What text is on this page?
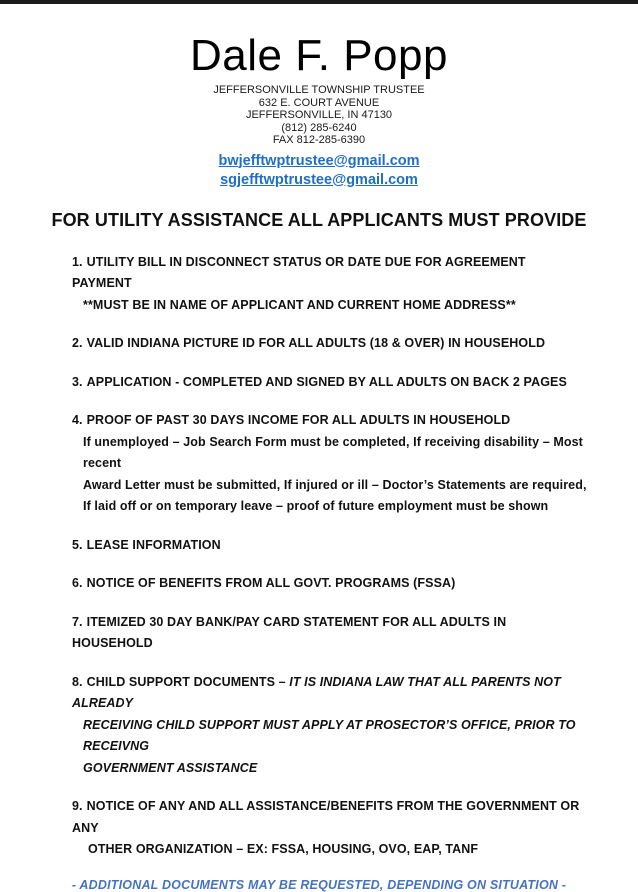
Dale F. Popp
JEFFERSONVILLE TOWNSHIP TRUSTEE
632 E. COURT AVENUE
JEFFERSONVILLE, IN 47130
(812) 285-6240
FAX 812-285-6390
bwjefftwptrustee@gmail.com
sgjefftwptrustee@gmail.com
FOR UTILITY ASSISTANCE ALL APPLICANTS MUST PROVIDE
1. UTILITY BILL IN DISCONNECT STATUS OR DATE DUE FOR AGREEMENT PAYMENT
**MUST BE IN NAME OF APPLICANT AND CURRENT HOME ADDRESS**
2. VALID INDIANA PICTURE ID FOR ALL ADULTS (18 & OVER) IN HOUSEHOLD
3. APPLICATION - COMPLETED AND SIGNED BY ALL ADULTS ON BACK 2 PAGES
4. PROOF OF PAST 30 DAYS INCOME FOR ALL ADULTS IN HOUSEHOLD
If unemployed – Job Search Form must be completed, If receiving disability – Most recent
Award Letter must be submitted, If injured or ill – Doctor’s Statements are required,
If laid off or on temporary leave – proof of future employment must be shown
5. LEASE INFORMATION
6. NOTICE OF BENEFITS FROM ALL GOVT. PROGRAMS (FSSA)
7. ITEMIZED 30 DAY BANK/PAY CARD STATEMENT FOR ALL ADULTS IN HOUSEHOLD
8. CHILD SUPPORT DOCUMENTS – IT IS INDIANA LAW THAT ALL PARENTS NOT ALREADY
RECEIVING CHILD SUPPORT MUST APPLY AT PROSECTOR’S OFFICE, PRIOR TO RECEIVNG
GOVERNMENT ASSISTANCE
9. NOTICE OF ANY AND ALL ASSISTANCE/BENEFITS FROM THE GOVERNMENT OR ANY
OTHER ORGANIZATION – EX: FSSA, HOUSING, OVO, EAP, TANF
- ADDITIONAL DOCUMENTS MAY BE REQUESTED, DEPENDING ON SITUATION -
